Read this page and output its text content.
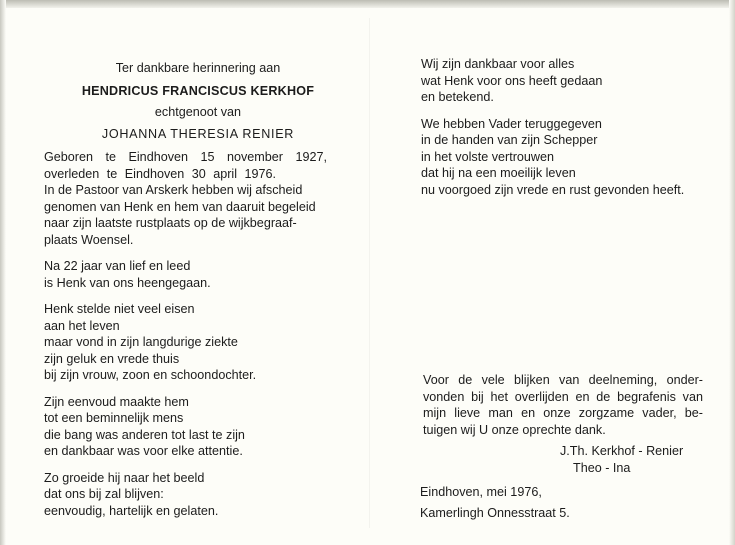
Ter dankbare herinnering aan
HENDRICUS FRANCISCUS KERKHOF
echtgenoot van
JOHANNA THERESIA RENIER
Geboren te Eindhoven 15 november 1927,
overleden te Eindhoven 30 april 1976.
In de Pastoor van Arskerk hebben wij afscheid
genomen van Henk en hem van daaruit begeleid
naar zijn laatste rustplaats op de wijkbegraaf-
plaats Woensel.
Na 22 jaar van lief en leed
is Henk van ons heengegaan.
Henk stelde niet veel eisen
aan het leven
maar vond in zijn langdurige ziekte
zijn geluk en vrede thuis
bij zijn vrouw, zoon en schoondochter.
Zijn eenvoud maakte hem
tot een beminnelijk mens
die bang was anderen tot last te zijn
en dankbaar was voor elke attentie.
Zo groeide hij naar het beeld
dat ons bij zal blijven:
eenvoudig, hartelijk en gelaten.
Wij zijn dankbaar voor alles
wat Henk voor ons heeft gedaan
en betekend.
We hebben Vader teruggegeven
in de handen van zijn Schepper
in het volste vertrouwen
dat hij na een moeilijk leven
nu voorgoed zijn vrede en rust gevonden heeft.
Voor de vele blijken van deelneming, onder-
vonden bij het overlijden en de begrafenis van
mijn lieve man en onze zorgzame vader, be-
tuigen wij U onze oprechte dank.
J.Th. Kerkhof - Renier
Theo - Ina
Eindhoven, mei 1976,
Kamerlingh Onnesstraat 5.
